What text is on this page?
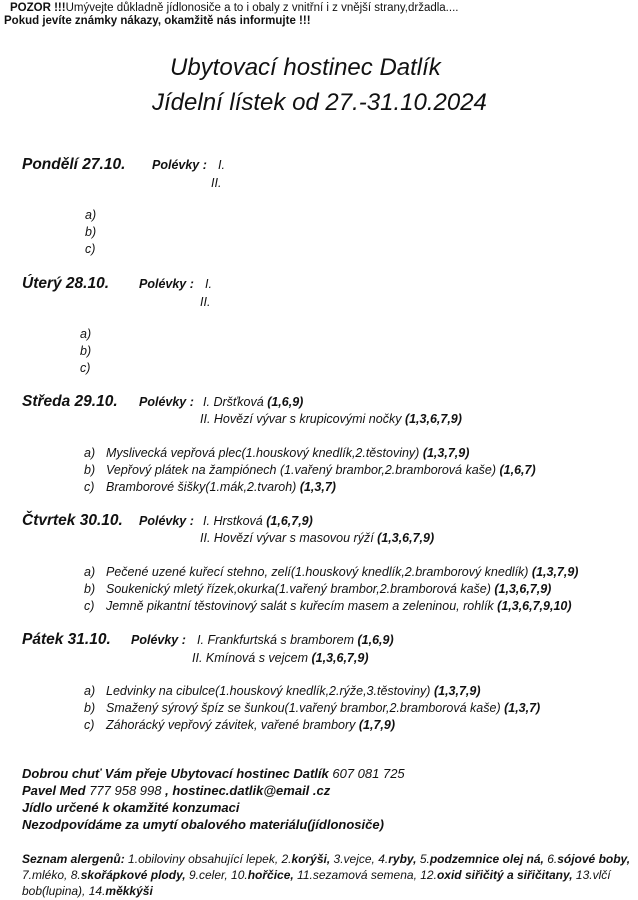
POZOR !!!Umývejte důkladně jídlonosiče a to i obaly z vnitřní i z vnější strany,držadla....
Pokud jevíte známky nákazy, okamžitě nás informujte !!!
Ubytovací hostinec Datlík
Jídelní lístek od 27.-31.10.2024
Pondělí 27.10. Polévky : I.
II.
a)
b)
c)
Úterý 28.10. Polévky : I.
II.
a)
b)
c)
Středa 29.10. Polévky : I. Dršťková (1,6,9)
II. Hovězí vývar s krupicovými nočky (1,3,6,7,9)
a) Myslivecká vepřová plec(1.houskový knedlík,2.těstoviny) (1,3,7,9)
b) Vepřový plátek na žampiónech (1.vařený brambor,2.bramborová kaše) (1,6,7)
c) Bramborové šišky(1.mák,2.tvaroh) (1,3,7)
Čtvrtek 30.10. Polévky : I. Hrstková (1,6,7,9)
II. Hovězí vývar s masovou rýží (1,3,6,7,9)
a) Pečené uzené kuřecí stehno, zelí(1.houskový knedlík,2.bramborový knedlík) (1,3,7,9)
b) Soukenický mletý řízek,okurka(1.vařený brambor,2.bramborová kaše) (1,3,6,7,9)
c) Jemně pikantní těstovinový salát s kuřecím masem a zeleninou, rohlík (1,3,6,7,9,10)
Pátek 31.10. Polévky : I. Frankfurtská s bramborem (1,6,9)
II. Kmínová s vejcem (1,3,6,7,9)
a) Ledvinky na cibulce(1.houskový knedlík,2.rýže,3.těstoviny) (1,3,7,9)
b) Smažený sýrový špíz se šunkou(1.vařený brambor,2.bramborová kaše) (1,3,7)
c) Záhorácký vepřový závitek, vařené brambory (1,7,9)
Dobrou chuť Vám přeje Ubytovací hostinec Datlík 607 081 725
Pavel Med 777 958 998 , hostinec.datlik@email .cz
Jídlo určené k okamžité konzumaci
Nezodpovídáme za umytí obalového materiálu(jídlonosiče)
Seznam alergenů: 1.obiloviny obsahující lepek, 2.korýši, 3.vejce, 4.ryby, 5.podzemnice olej ná, 6.sójové boby, 7.mléko, 8.skořápkové plody, 9.celer, 10.hořčice, 11.sezamová semena, 12.oxid siřičitý a siřičitany, 13.vlčí bob(lupina), 14.měkkýši
